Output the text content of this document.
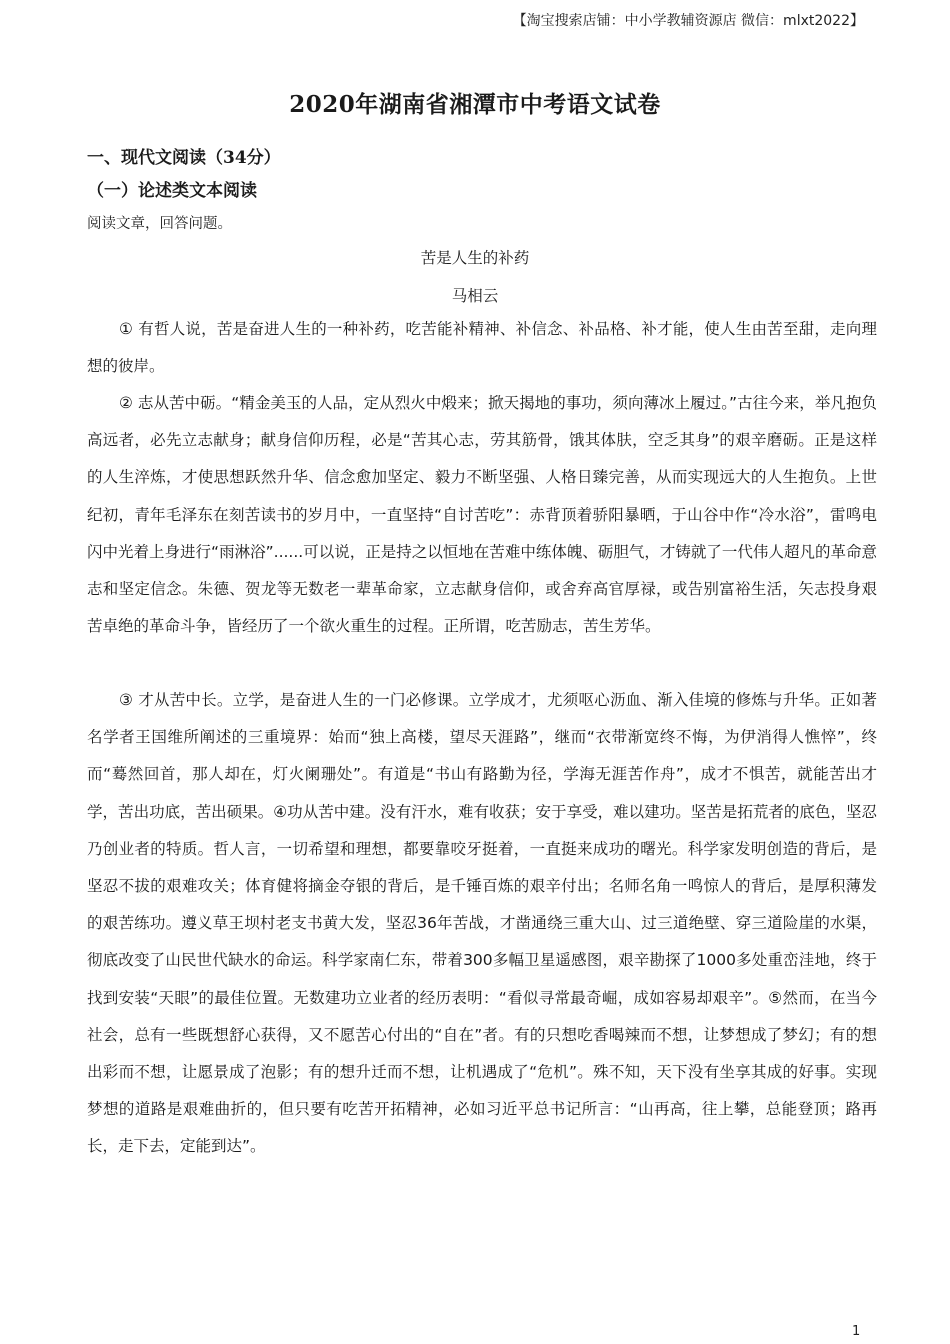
【淘宝搜索店铺：中小学教辅资源店 微信：mlxt2022】
2020年湖南省湘潭市中考语文试卷
一、现代文阅读（34分）
（一）论述类文本阅读
阅读文章，回答问题。
苦是人生的补药
马相云
① 有哲人说，苦是奋进人生的一种补药，吃苦能补精神、补信念、补品格、补才能，使人生由苦至甜，走向理想的彼岸。
② 志从苦中砺。“精金美玉的人品，定从烈火中煅来；掀天揭地的事功，须向薄冰上履过。”古往今来，举凡抱负高远者，必先立志献身；献身信仰历程，必是“苦其心志，劳其筋骨，饿其体肤，空乏其身”的艰辛磨砺。正是这样的人生淬炼，才使思想跃然升华、信念愈加坚定、毅力不断坚强、人格日臻完善，从而实现远大的人生抱负。上世纪初，青年毛泽东在刻苦读书的岁月中，一直坚持“自讨苦吃”：赤背顶着骄阳暴晒，于山谷中作“冷水浴”，雷鸣电闪中光着上身进行“雨淋浴”......可以说，正是持之以恒地在苦难中练体魄、砺胆气，才铸就了一代伟人超凡的革命意志和坚定信念。朱德、贺龙等无数老一辈革命家，立志献身信仰，或舍弃高官厚禄，或告别富裕生活，矢志投身艰苦卓绝的革命斗争，皆经历了一个欲火重生的过程。正所谓，吃苦励志，苦生芳华。
③ 才从苦中长。立学，是奋进人生的一门必修课。立学成才，尤须呕心沥血、渐入佳境的修炼与升华。正如著名学者王国维所阐述的三重境界：始而“独上高楼，望尽天涯路”，继而“衣带渐宽终不悔，为伊消得人憔悴”，终而“蓦然回首，那人却在，灯火阑珊处”。有道是“书山有路勤为径，学海无涯苦作舟”，成才不惧苦，就能苦出才学，苦出功底，苦出硕果。④功从苦中建。没有汗水，难有收获；安于享受，难以建功。坚苦是拓荒者的底色，坚忍乃创业者的特质。哲人言，一切希望和理想，都要靠咬牙挺着，一直挺来成功的曙光。科学家发明创造的背后，是坚忍不拔的艰难攻关；体育健将摘金夺银的背后，是千锤百炼的艰辛付出；名师名角一鸣惊人的背后，是厚积薄发的艰苦练功。遵义草王坝村老支书黄大发，坚忍36年苦战，才凿通绕三重大山、过三道绝壁、穿三道险崖的水渠，彻底改变了山民世代缺水的命运。科学家南仁东，带着300多幅卫星遥感图，艰辛勘探了1000多处重峦洼地，终于找到安装“天眼”的最佳位置。无数建功立业者的经历表明：“看似寻常最奇崛，成如容易却艰辛”。⑤然而，在当今社会，总有一些既想舒心获得，又不愿苦心付出的“自在”者。有的只想吃香喝辣而不想，让梦想成了梦幻；有的想出彩而不想，让愿景成了泡影；有的想升迁而不想，让机遇成了“危机”。殊不知，天下没有坐享其成的好事。实现梦想的道路是艰难曲折的，但只要有吃苦开拓精神，必如习近平总书记所言：“山再高，往上攀，总能登顶；路再长，走下去，定能到达”。
1
